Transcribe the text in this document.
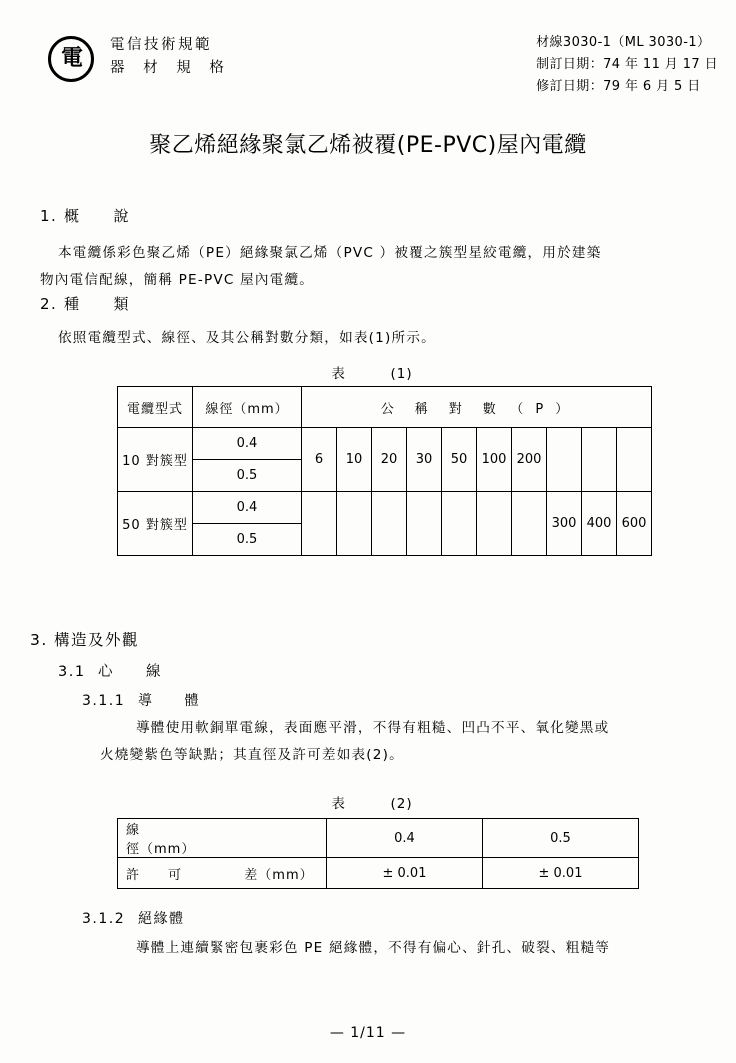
電
電信技術規範
器 材 規 格
材線3030-1（ML 3030-1）
制訂日期：74 年 11 月 17 日
修訂日期：79 年 6 月 5 日
聚乙烯絕緣聚氯乙烯被覆(PE-PVC)屋內電纜
1. 概　　說
本電纜係彩色聚乙烯（PE）絕緣聚氯乙烯（PVC ）被覆之簇型星絞電纜，用於建築
物內電信配線，簡稱 PE-PVC 屋內電纜。
2. 種　　類
依照電纜型式、線徑、及其公稱對數分類，如表(1)所示。
表	(1)
電纜型式	線徑（mm）	公　稱　對　數　（ P ）									
10 對簇型	0.4	6	10	20	30	50	100	200			
	0.5										
50 對簇型	0.4								300	400	600
	0.5										
3. 構造及外觀
3.1 心　　線
3.1.1 導　　體
導體使用軟銅單電線，表面應平滑，不得有粗糙、凹凸不平、氧化變黑或
火燒變紫色等缺點；其直徑及許可差如表(2)。
表	(2)
線  徑（mm）	0.4	0.5
許　　可 差（mm）	± 0.01	± 0.01
3.1.2 絕緣體
導體上連續緊密包裹彩色 PE 絕緣體，不得有偏心、針孔、破裂、粗糙等
— 1/11 —
